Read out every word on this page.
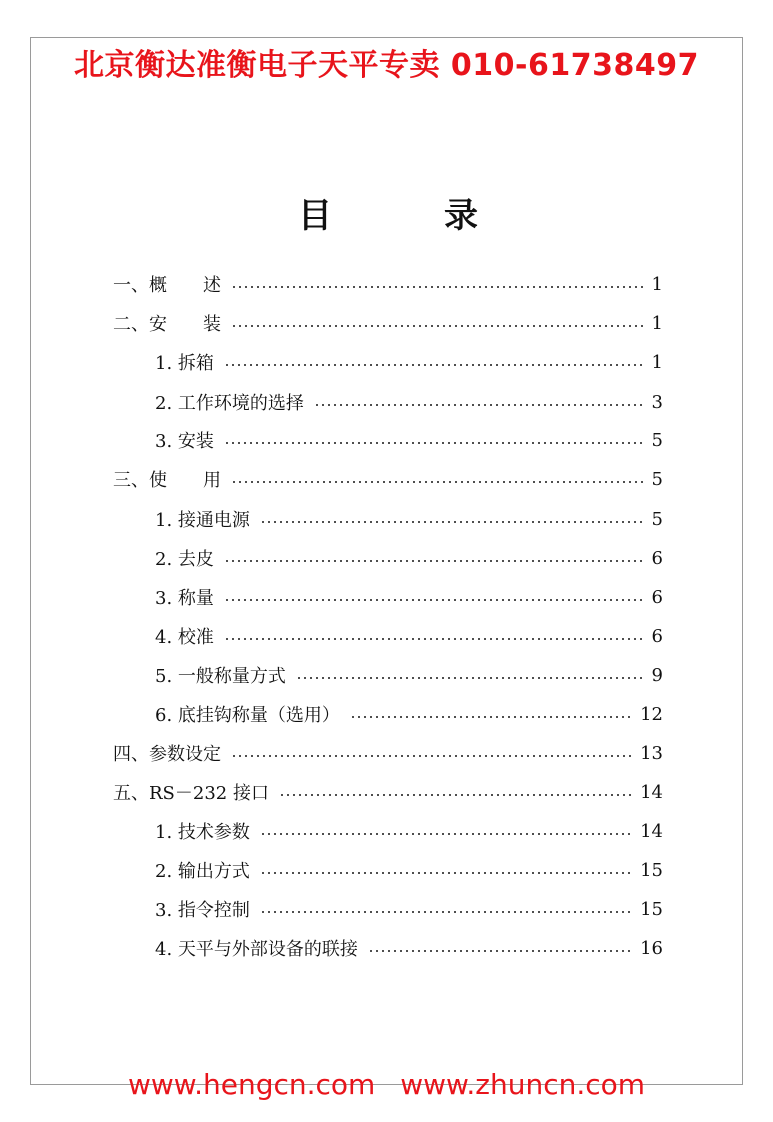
北京衡达准衡电子天平专卖 010-61738497
目	录
一、概　　述	1
二、安　　装	1
1. 拆箱	1
2. 工作环境的选择	3
3. 安装	5
三、使　　用	5
1. 接通电源	5
2. 去皮	6
3. 称量	6
4. 校准	6
5. 一般称量方式	9
6. 底挂钩称量（选用）	12
四、参数设定	13
五、RS－232 接口	14
1. 技术参数	14
2. 输出方式	15
3. 指令控制	15
4. 天平与外部设备的联接	16
www.hengcn.com www.zhuncn.com
